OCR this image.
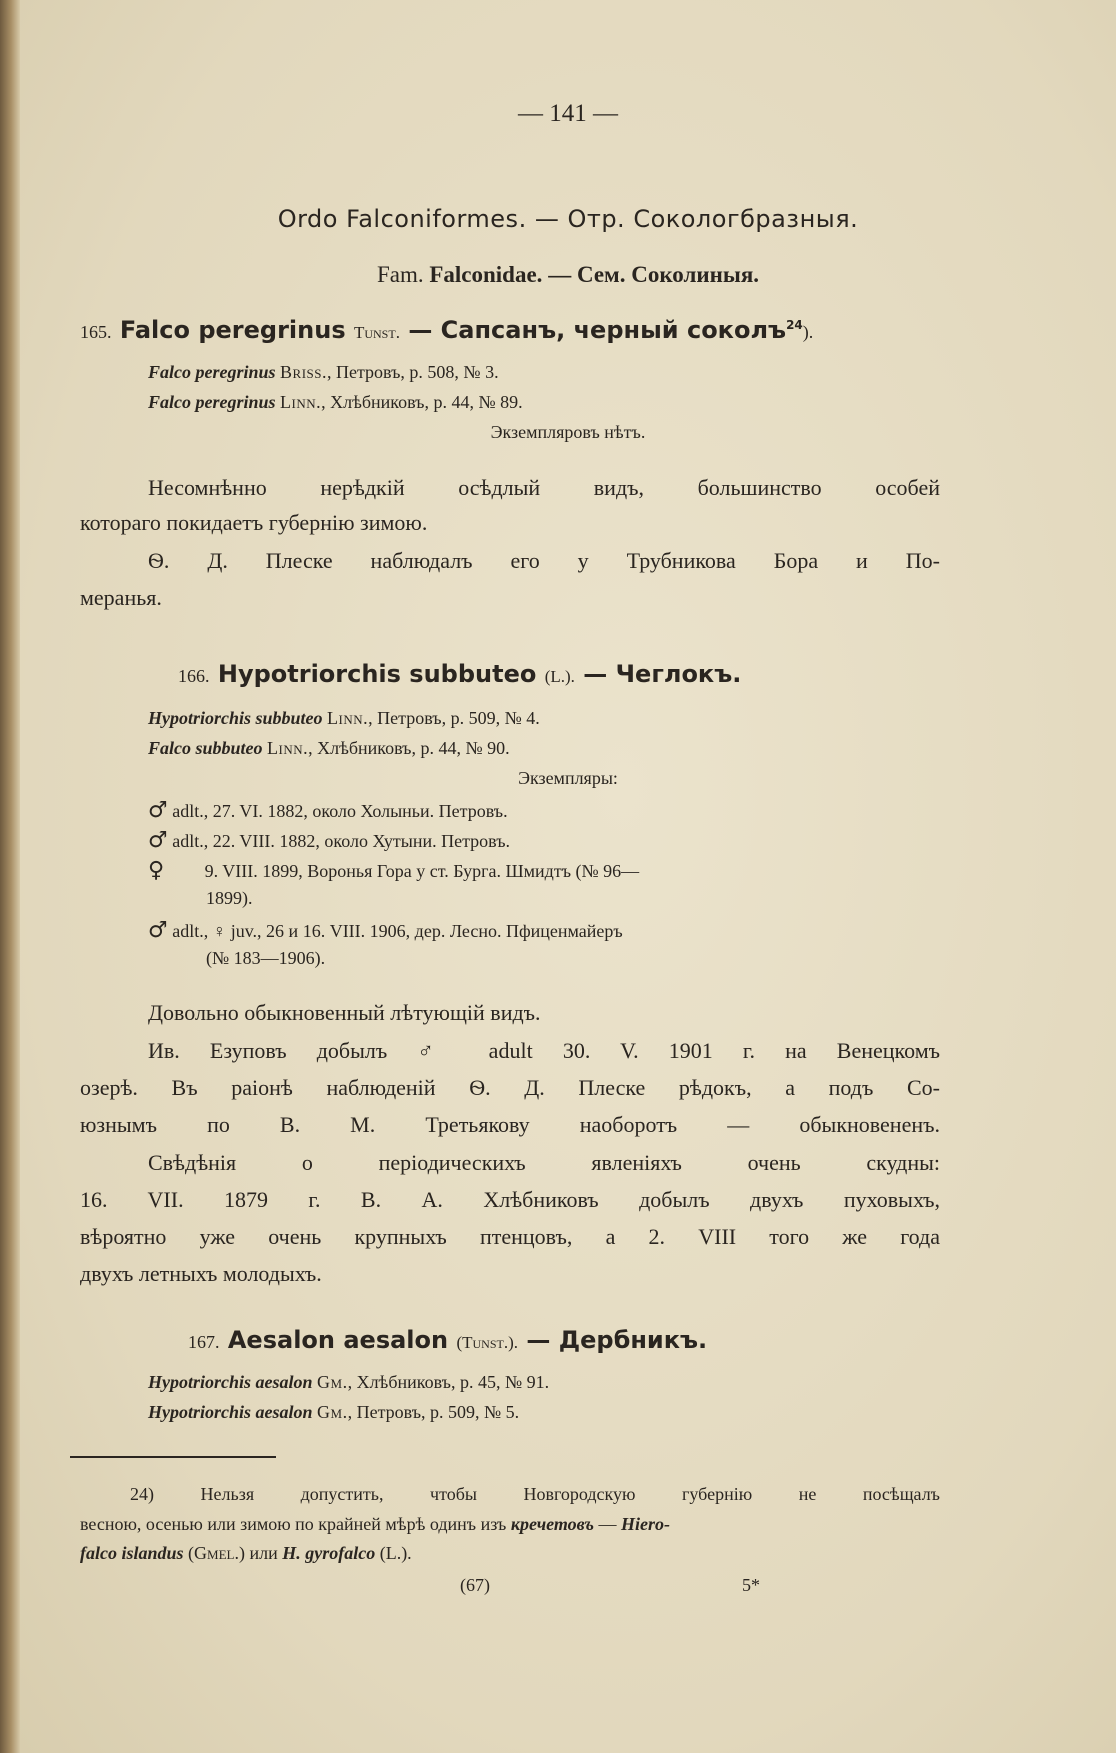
— 141 —
Ordo Falconiformes. — Отр. Сокологбразныя.
Fam. Falconidae. — Сем. Соколиныя.
165. Falco peregrinus Tunst. — Сапсанъ, черный соколъ$^{24}$).
Falco peregrinus Briss., Петровъ, p. 508, № 3.
Falco peregrinus Linn., Хлѣбниковъ, p. 44, № 89.
Экземпляровъ нѣтъ.
Несомнѣнно нерѣдкій осѣдлый видъ, большинство особей
котораго покидаетъ губернію зимою.
Ѳ. Д. Плеске наблюдалъ его у Трубникова Бора и По-
меранья.
166. Hypotriorchis subbuteo (L.). — Чеглокъ.
Hypotriorchis subbuteo Linn., Петровъ, p. 509, № 4.
Falco subbuteo Linn., Хлѣбниковъ, p. 44, № 90.
Экземпляры:
♂ adlt., 27. VI. 1882, около Холыньи. Петровъ.
♂ adlt., 22. VIII. 1882, около Хутыни. Петровъ.
♀ 9. VIII. 1899, Воронья Гора у ст. Бурга. Шмидтъ (№ 96—
1899).
♂ adlt., ♀ juv., 26 и 16. VIII. 1906, дер. Лесно. Пфиценмайеръ
(№ 183—1906).
Довольно обыкновенный лѣтующій видъ.
Ив. Езуповъ добылъ ♂ adult 30. V. 1901 г. на Венецкомъ
озерѣ. Въ раіонѣ наблюденій Ѳ. Д. Плеске рѣдокъ, а подъ Со-
юзнымъ по В. М. Третьякову наоборотъ — обыкновененъ.
Свѣдѣнія о періодическихъ явленіяхъ очень скудны:
16. VII. 1879 г. В. А. Хлѣбниковъ добылъ двухъ пуховыхъ,
вѣроятно уже очень крупныхъ птенцовъ, а 2. VIII того же года
двухъ летныхъ молодыхъ.
167. Aesalon aesalon (Tunst.). — Дербникъ.
Hypotriorchis aesalon Gm., Хлѣбниковъ, p. 45, № 91.
Hypotriorchis aesalon Gm., Петровъ, p. 509, № 5.
24) Нельзя допустить, чтобы Новгородскую губернію не посѣщалъ
весною, осенью или зимою по крайней мѣрѣ одинъ изъ кречетовъ — Hiero-
falco islandus (Gmel.) или H. gyrofalco (L.).
(67)	5*
